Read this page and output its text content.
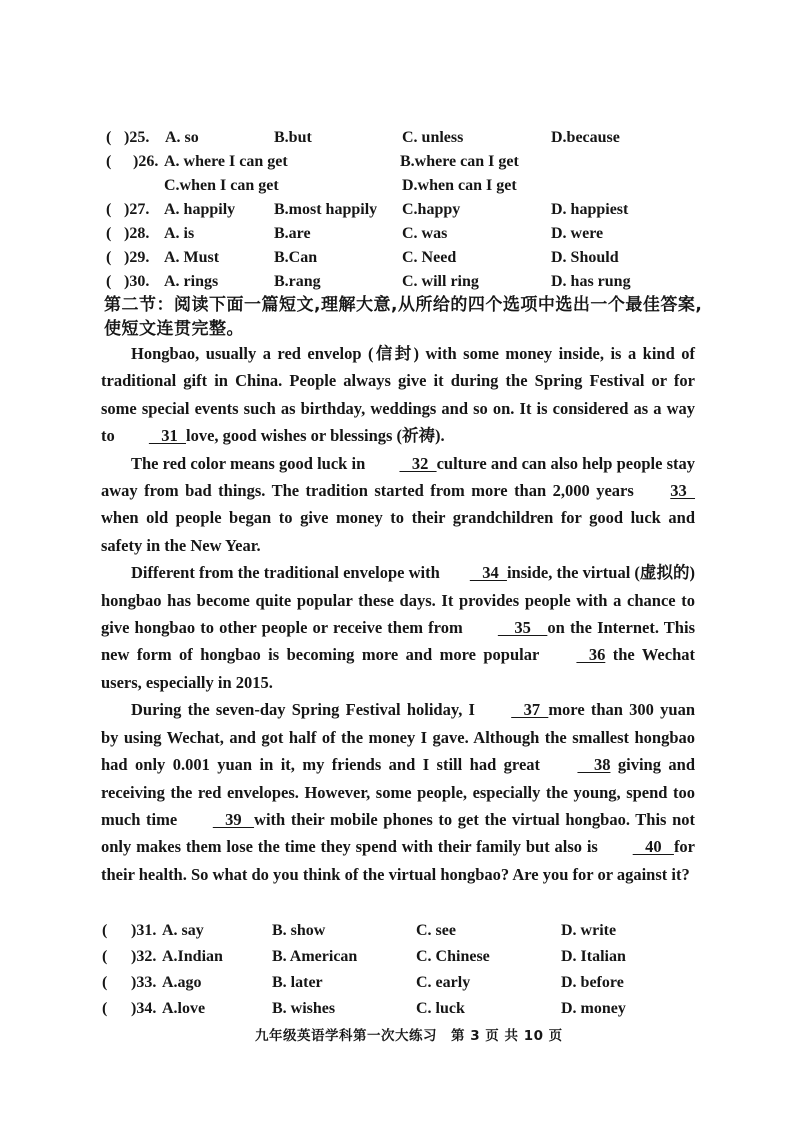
( )25. A. so	B.but	C. unless	D.because
( )26. A. where I can get	B.where can I get
C.when I can get	D.when can I get
( )27. A. happily B.most happily C.happy	D. happiest
( )28. A. is	B.are	C. was	D. were
( )29. A. Must	B.Can	C. Need	D. Should
( )30. A. rings	B.rang	C. will ring	D. has rung
第二节：阅读下面一篇短文,理解大意,从所给的四个选项中选出一个最佳答案,
使短文连贯完整。

Hongbao, usually a red envelop (信封) with some money inside, is a kind of traditional gift in China. People always give it during the Spring Festival or for some special events such as birthday, weddings and so on. It is considered as a way to    31  love, good wishes or blessings (祈祷).

The red color means good luck in    32  culture and can also help people stay away from bad things. The tradition started from more than 2,000 years 33  when old people began to give money to their grandchildren for good luck and safety in the New Year.

Different from the traditional envelope with   34  inside, the virtual (虚拟的) hongbao has become quite popular these days. It provides people with a chance to give hongbao to other people or receive them from     35    on the Internet. This new form of hongbao is becoming more and more popular    36 the Wechat users, especially in 2015.

During the seven-day Spring Festival holiday, I    37  more than 300 yuan by using Wechat, and got half of the money I gave. Although the smallest hongbao had only 0.001 yuan in it, my friends and I still had great     38 giving and receiving the red envelopes. However, some people, especially the young, spend too much time    39   with their mobile phones to get the virtual hongbao. This not only makes them lose the time they spend with their family but also is    40   for their health. So what do you think of the virtual hongbao? Are you for or against it?

( )31. A. say	B. show	C. see	D. write
( )32. A.Indian	B. American	C. Chinese	D. Italian
( )33. A.ago	B. later	C. early	D. before
( )34. A.love	B. wishes	C. luck	D. money
九年级英语学科第一次大练习　第 3 页 共 10 页
